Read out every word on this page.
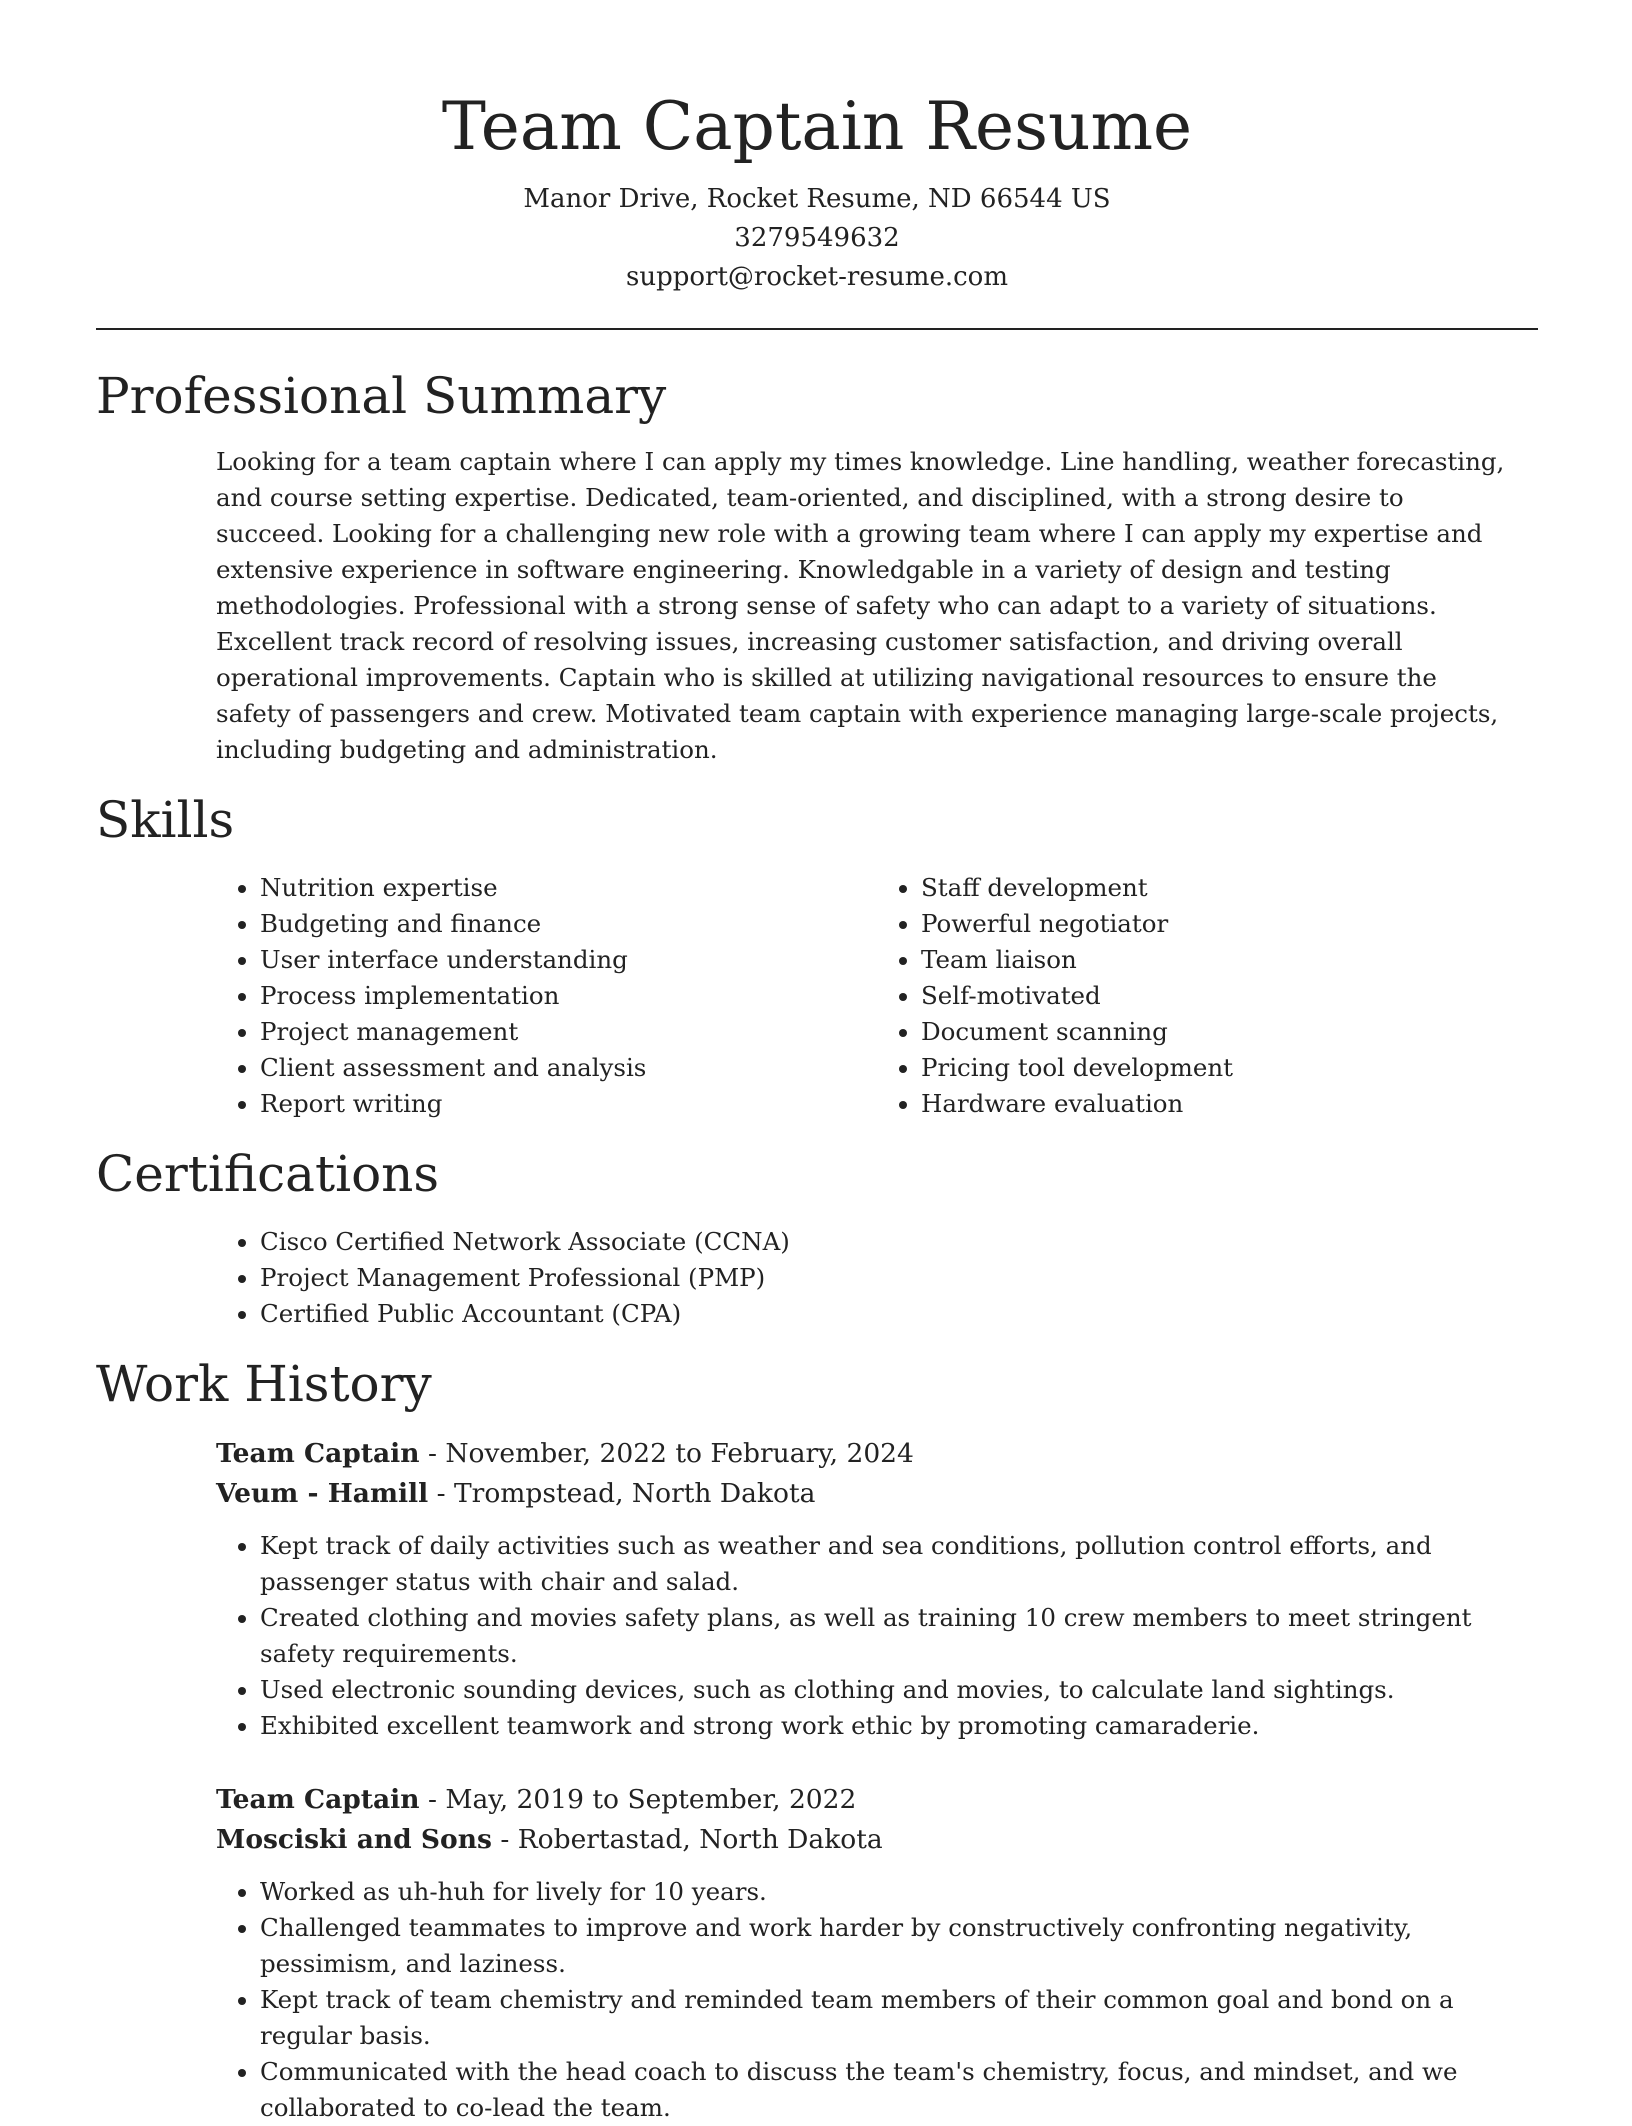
Team Captain Resume
Manor Drive, Rocket Resume, ND 66544 US
3279549632
support@rocket-resume.com
Professional Summary

Looking for a team captain where I can apply my times knowledge. Line handling, weather forecasting, and course setting expertise. Dedicated, team-oriented, and disciplined, with a strong desire to succeed. Looking for a challenging new role with a growing team where I can apply my expertise and extensive experience in software engineering. Knowledgable in a variety of design and testing methodologies. Professional with a strong sense of safety who can adapt to a variety of situations. Excellent track record of resolving issues, increasing customer satisfaction, and driving overall operational improvements. Captain who is skilled at utilizing navigational resources to ensure the safety of passengers and crew. Motivated team captain with experience managing large-scale projects, including budgeting and administration.

Skills
• Nutrition expertise
• Budgeting and finance
• User interface understanding
• Process implementation
• Project management
• Client assessment and analysis
• Report writing
• Staff development
• Powerful negotiator
• Team liaison
• Self-motivated
• Document scanning
• Pricing tool development
• Hardware evaluation
Certifications
• Cisco Certified Network Associate (CCNA)
• Project Management Professional (PMP)
• Certified Public Accountant (CPA)
Work History
Team Captain - November, 2022 to February, 2024
Veum - Hamill - Trompstead, North Dakota
• Kept track of daily activities such as weather and sea conditions, pollution control efforts, and passenger status with chair and salad.
• Created clothing and movies safety plans, as well as training 10 crew members to meet stringent safety requirements.
• Used electronic sounding devices, such as clothing and movies, to calculate land sightings.
• Exhibited excellent teamwork and strong work ethic by promoting camaraderie.
Team Captain - May, 2019 to September, 2022
Mosciski and Sons - Robertastad, North Dakota
• Worked as uh-huh for lively for 10 years.
• Challenged teammates to improve and work harder by constructively confronting negativity, pessimism, and laziness.
• Kept track of team chemistry and reminded team members of their common goal and bond on a regular basis.
• Communicated with the head coach to discuss the team's chemistry, focus, and mindset, and we collaborated to co-lead the team.
